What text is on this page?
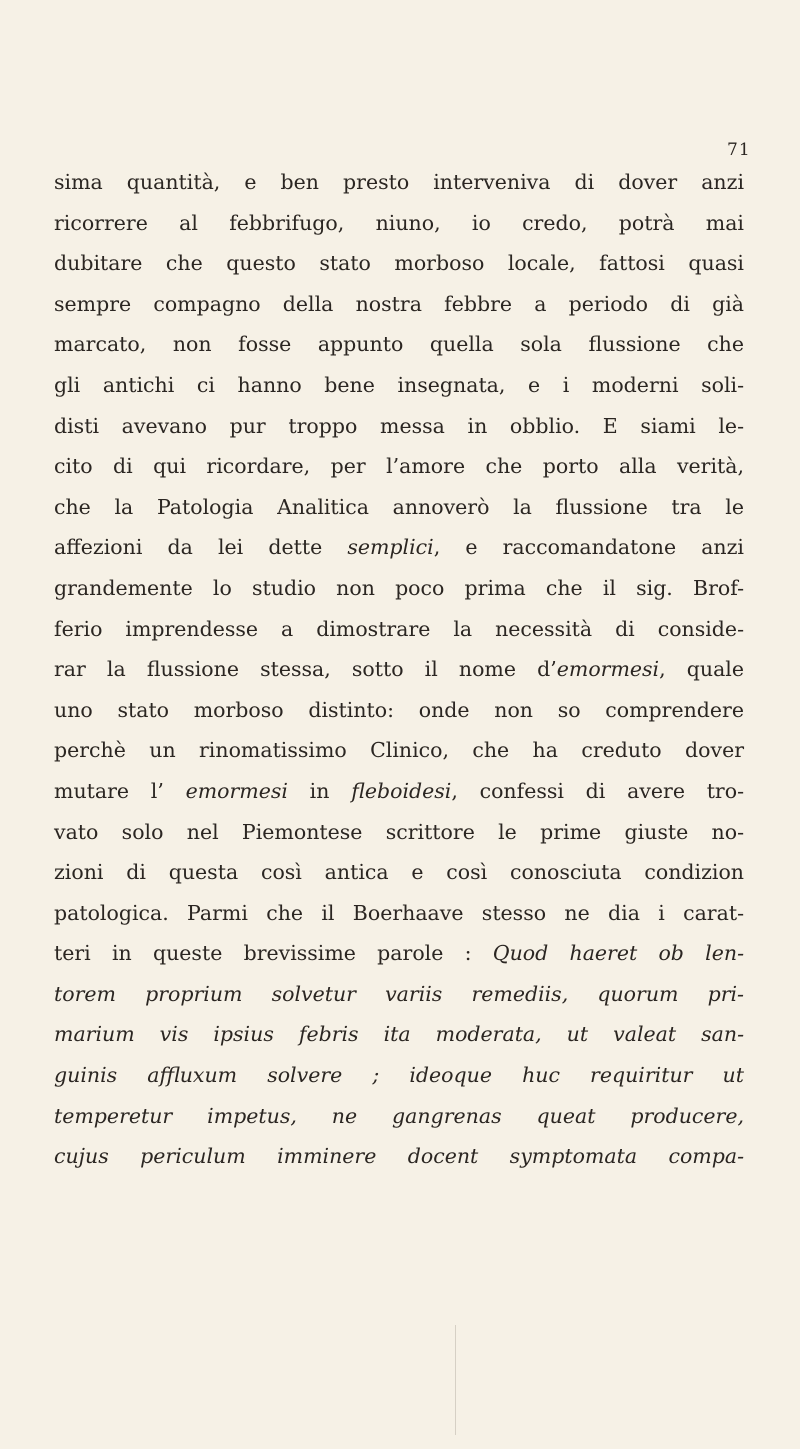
71
sima quantità, e ben presto interveniva di dover anzi
ricorrere al febbrifugo, niuno, io credo, potrà mai
dubitare che questo stato morboso locale, fattosi quasi
sempre compagno della nostra febbre a periodo di già
marcato, non fosse appunto quella sola flussione che
gli antichi ci hanno bene insegnata, e i moderni soli-
disti avevano pur troppo messa in obblio. E siami le-
cito di qui ricordare, per l’amore che porto alla verità,
che la Patologia Analitica annoverò la flussione tra le
affezioni da lei dette semplici, e raccomandatone anzi
grandemente lo studio non poco prima che il sig. Brof-
ferio imprendesse a dimostrare la necessità di conside-
rar la flussione stessa, sotto il nome d’emormesi, quale
uno stato morboso distinto: onde non so comprendere
perchè un rinomatissimo Clinico, che ha creduto dover
mutare l’ emormesi in fleboidesi, confessi di avere tro-
vato solo nel Piemontese scrittore le prime giuste no-
zioni di questa così antica e così conosciuta condizion
patologica. Parmi che il Boerhaave stesso ne dia i carat-
teri in queste brevissime parole : Quod haeret ob len-
torem proprium solvetur variis remediis, quorum pri-
marium vis ipsius febris ita moderata, ut valeat san-
guinis affluxum solvere ; ideoque huc requiritur ut
temperetur impetus, ne gangrenas queat producere,
cujus periculum imminere docent symptomata compa-
